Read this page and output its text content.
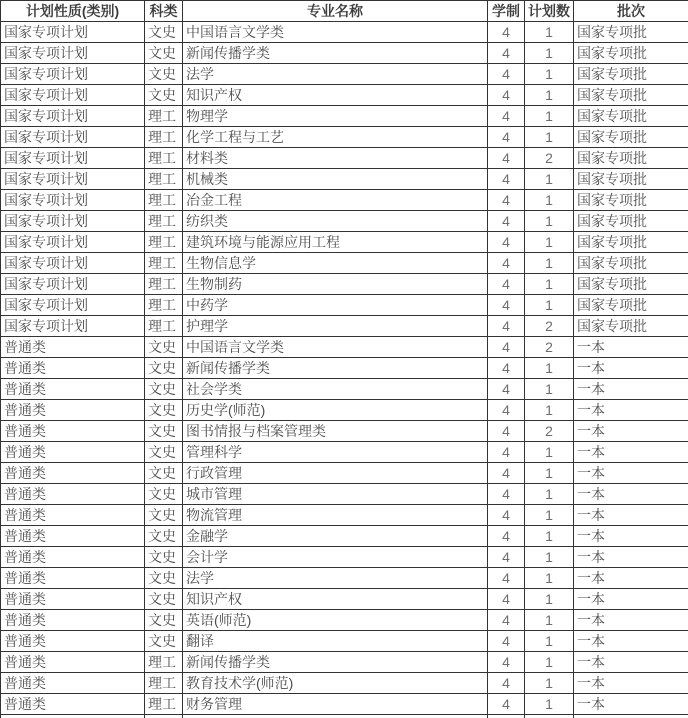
计划性质(类别)	科类	专业名称	学制	计划数	批次
国家专项计划	文史	中国语言文学类	4	1	国家专项批
国家专项计划	文史	新闻传播学类	4	1	国家专项批
国家专项计划	文史	法学	4	1	国家专项批
国家专项计划	文史	知识产权	4	1	国家专项批
国家专项计划	理工	物理学	4	1	国家专项批
国家专项计划	理工	化学工程与工艺	4	1	国家专项批
国家专项计划	理工	材料类	4	2	国家专项批
国家专项计划	理工	机械类	4	1	国家专项批
国家专项计划	理工	冶金工程	4	1	国家专项批
国家专项计划	理工	纺织类	4	1	国家专项批
国家专项计划	理工	建筑环境与能源应用工程	4	1	国家专项批
国家专项计划	理工	生物信息学	4	1	国家专项批
国家专项计划	理工	生物制药	4	1	国家专项批
国家专项计划	理工	中药学	4	1	国家专项批
国家专项计划	理工	护理学	4	2	国家专项批
普通类	文史	中国语言文学类	4	2	一本
普通类	文史	新闻传播学类	4	1	一本
普通类	文史	社会学类	4	1	一本
普通类	文史	历史学(师范)	4	1	一本
普通类	文史	图书情报与档案管理类	4	2	一本
普通类	文史	管理科学	4	1	一本
普通类	文史	行政管理	4	1	一本
普通类	文史	城市管理	4	1	一本
普通类	文史	物流管理	4	1	一本
普通类	文史	金融学	4	1	一本
普通类	文史	会计学	4	1	一本
普通类	文史	法学	4	1	一本
普通类	文史	知识产权	4	1	一本
普通类	文史	英语(师范)	4	1	一本
普通类	文史	翻译	4	1	一本
普通类	理工	新闻传播学类	4	1	一本
普通类	理工	教育技术学(师范)	4	1	一本
普通类	理工	财务管理	4	1	一本
